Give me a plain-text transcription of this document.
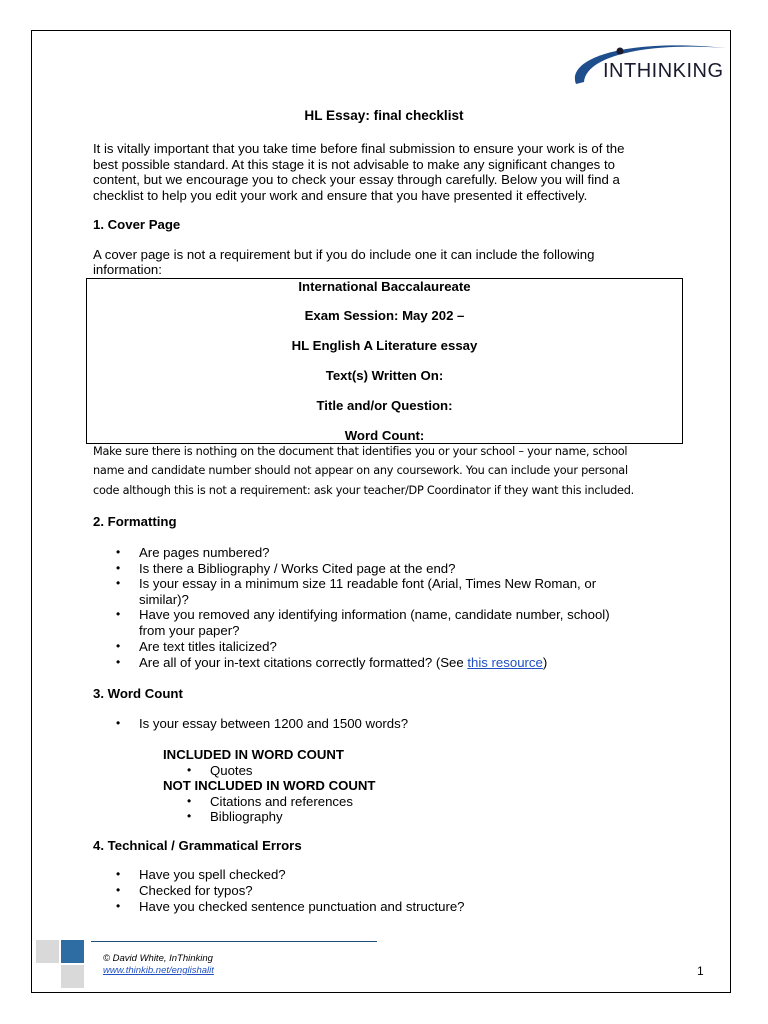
INTHINKING
HL Essay: final checklist
It is vitally important that you take time before final submission to ensure your work is of the
best possible standard. At this stage it is not advisable to make any significant changes to
content, but we encourage you to check your essay through carefully. Below you will find a
checklist to help you edit your work and ensure that you have presented it effectively.
1. Cover Page
A cover page is not a requirement but if you do include one it can include the following
information:
International Baccalaureate
Exam Session: May 202 –
HL English A Literature essay
Text(s) Written On:
Title and/or Question:
Word Count:
Make sure there is nothing on the document that identifies you or your school – your name, school
name and candidate number should not appear on any coursework. You can include your personal
code although this is not a requirement: ask your teacher/DP Coordinator if they want this included.
2. Formatting
• Are pages numbered?
• Is there a Bibliography / Works Cited page at the end?
• Is your essay in a minimum size 11 readable font (Arial, Times New Roman, or
similar)?
• Have you removed any identifying information (name, candidate number, school)
from your paper?
• Are text titles italicized?
• Are all of your in-text citations correctly formatted? (See this resource)
3. Word Count
• Is your essay between 1200 and 1500 words?
INCLUDED IN WORD COUNT
• Quotes
NOT INCLUDED IN WORD COUNT
• Citations and references
• Bibliography
4. Technical / Grammatical Errors
• Have you spell checked?
• Checked for typos?
• Have you checked sentence punctuation and structure?
© David White, InThinking
www.thinkib.net/englishalit	1
